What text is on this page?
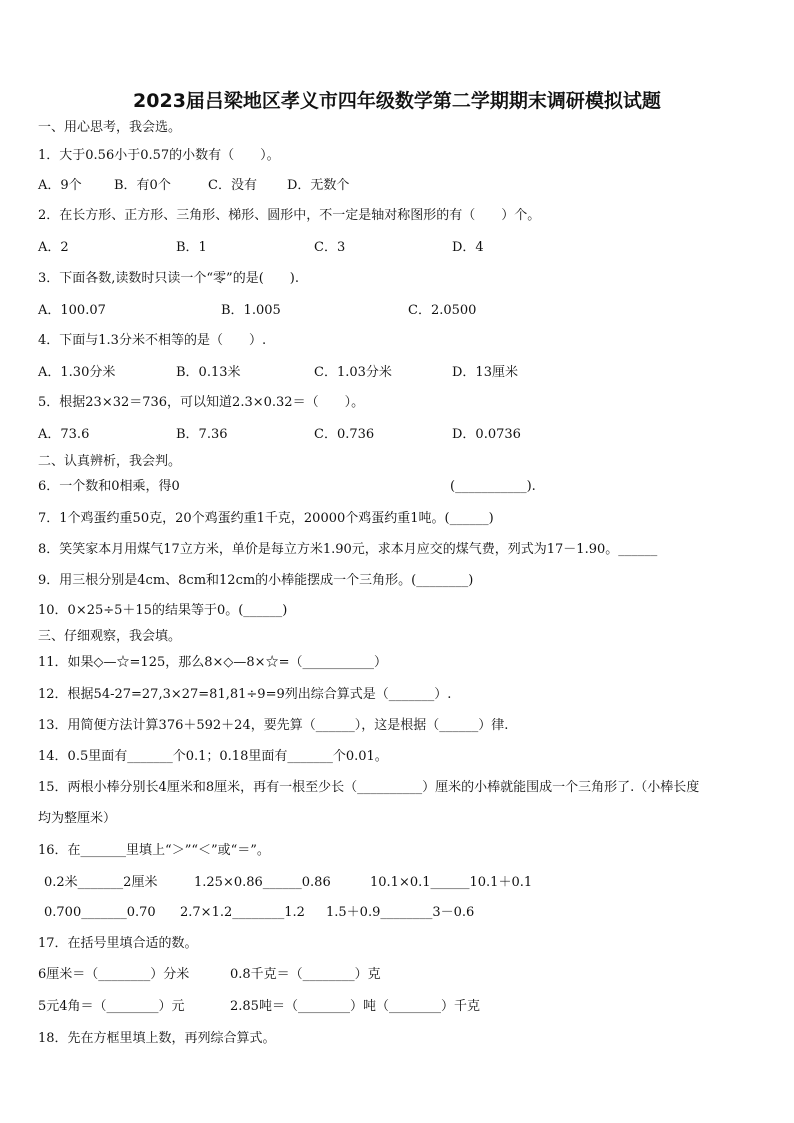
2023届吕梁地区孝义市四年级数学第二学期期末调研模拟试题
一、用心思考，我会选。
1．大于0.56小于0.57的小数有（　　）。
A．9个 B．有0个	C．没有 D．无数个
2．在长方形、正方形、三角形、梯形、圆形中，不一定是轴对称图形的有（　　）个。
A．2	B．1	C．3	D．4
3．下面各数,读数时只读一个“零”的是(　　).
A．100.07	B．1.005	C．2.0500
4．下面与1.3分米不相等的是（　　）.
A．1.30分米	B．0.13米	C．1.03分米	D．13厘米
5．根据23×32＝736，可以知道2.3×0.32＝（　　）。
A．73.6	B．7.36	C．0.736	D．0.0736
二、认真辨析，我会判。
6．一个数和0相乘，得0	(___________).
7．1个鸡蛋约重50克，20个鸡蛋约重1千克，20000个鸡蛋约重1吨。(______)
8．笑笑家本月用煤气17立方米，单价是每立方米1.90元，求本月应交的煤气费，列式为17－1.90。______
9．用三根分别是4cm、8cm和12cm的小棒能摆成一个三角形。(________)
10．0×25÷5＋15的结果等于0。(______)
三、仔细观察，我会填。
11．如果◇—☆=125，那么8×◇—8×☆=（___________）
12．根据54-27=27,3×27=81,81÷9=9列出综合算式是（_______）.
13．用简便方法计算376＋592＋24，要先算（______），这是根据（______）律.
14．0.5里面有_______个0.1；0.18里面有_______个0.01。
15．两根小棒分别长4厘米和8厘米，再有一根至少长（__________）厘米的小棒就能围成一个三角形了.（小棒长度
均为整厘米）
16．在_______里填上“＞”“＜”或“＝”。
0.2米_______2厘米	1.25×0.86______0.86	10.1×0.1______10.1＋0.1
0.700_______0.70 2.7×1.2________1.2 1.5＋0.9________3－0.6
17．在括号里填合适的数。
6厘米＝（________）分米	0.8千克＝（________）克
5元4角＝（________）元	2.85吨＝（________）吨（________）千克
18．先在方框里填上数，再列综合算式。
